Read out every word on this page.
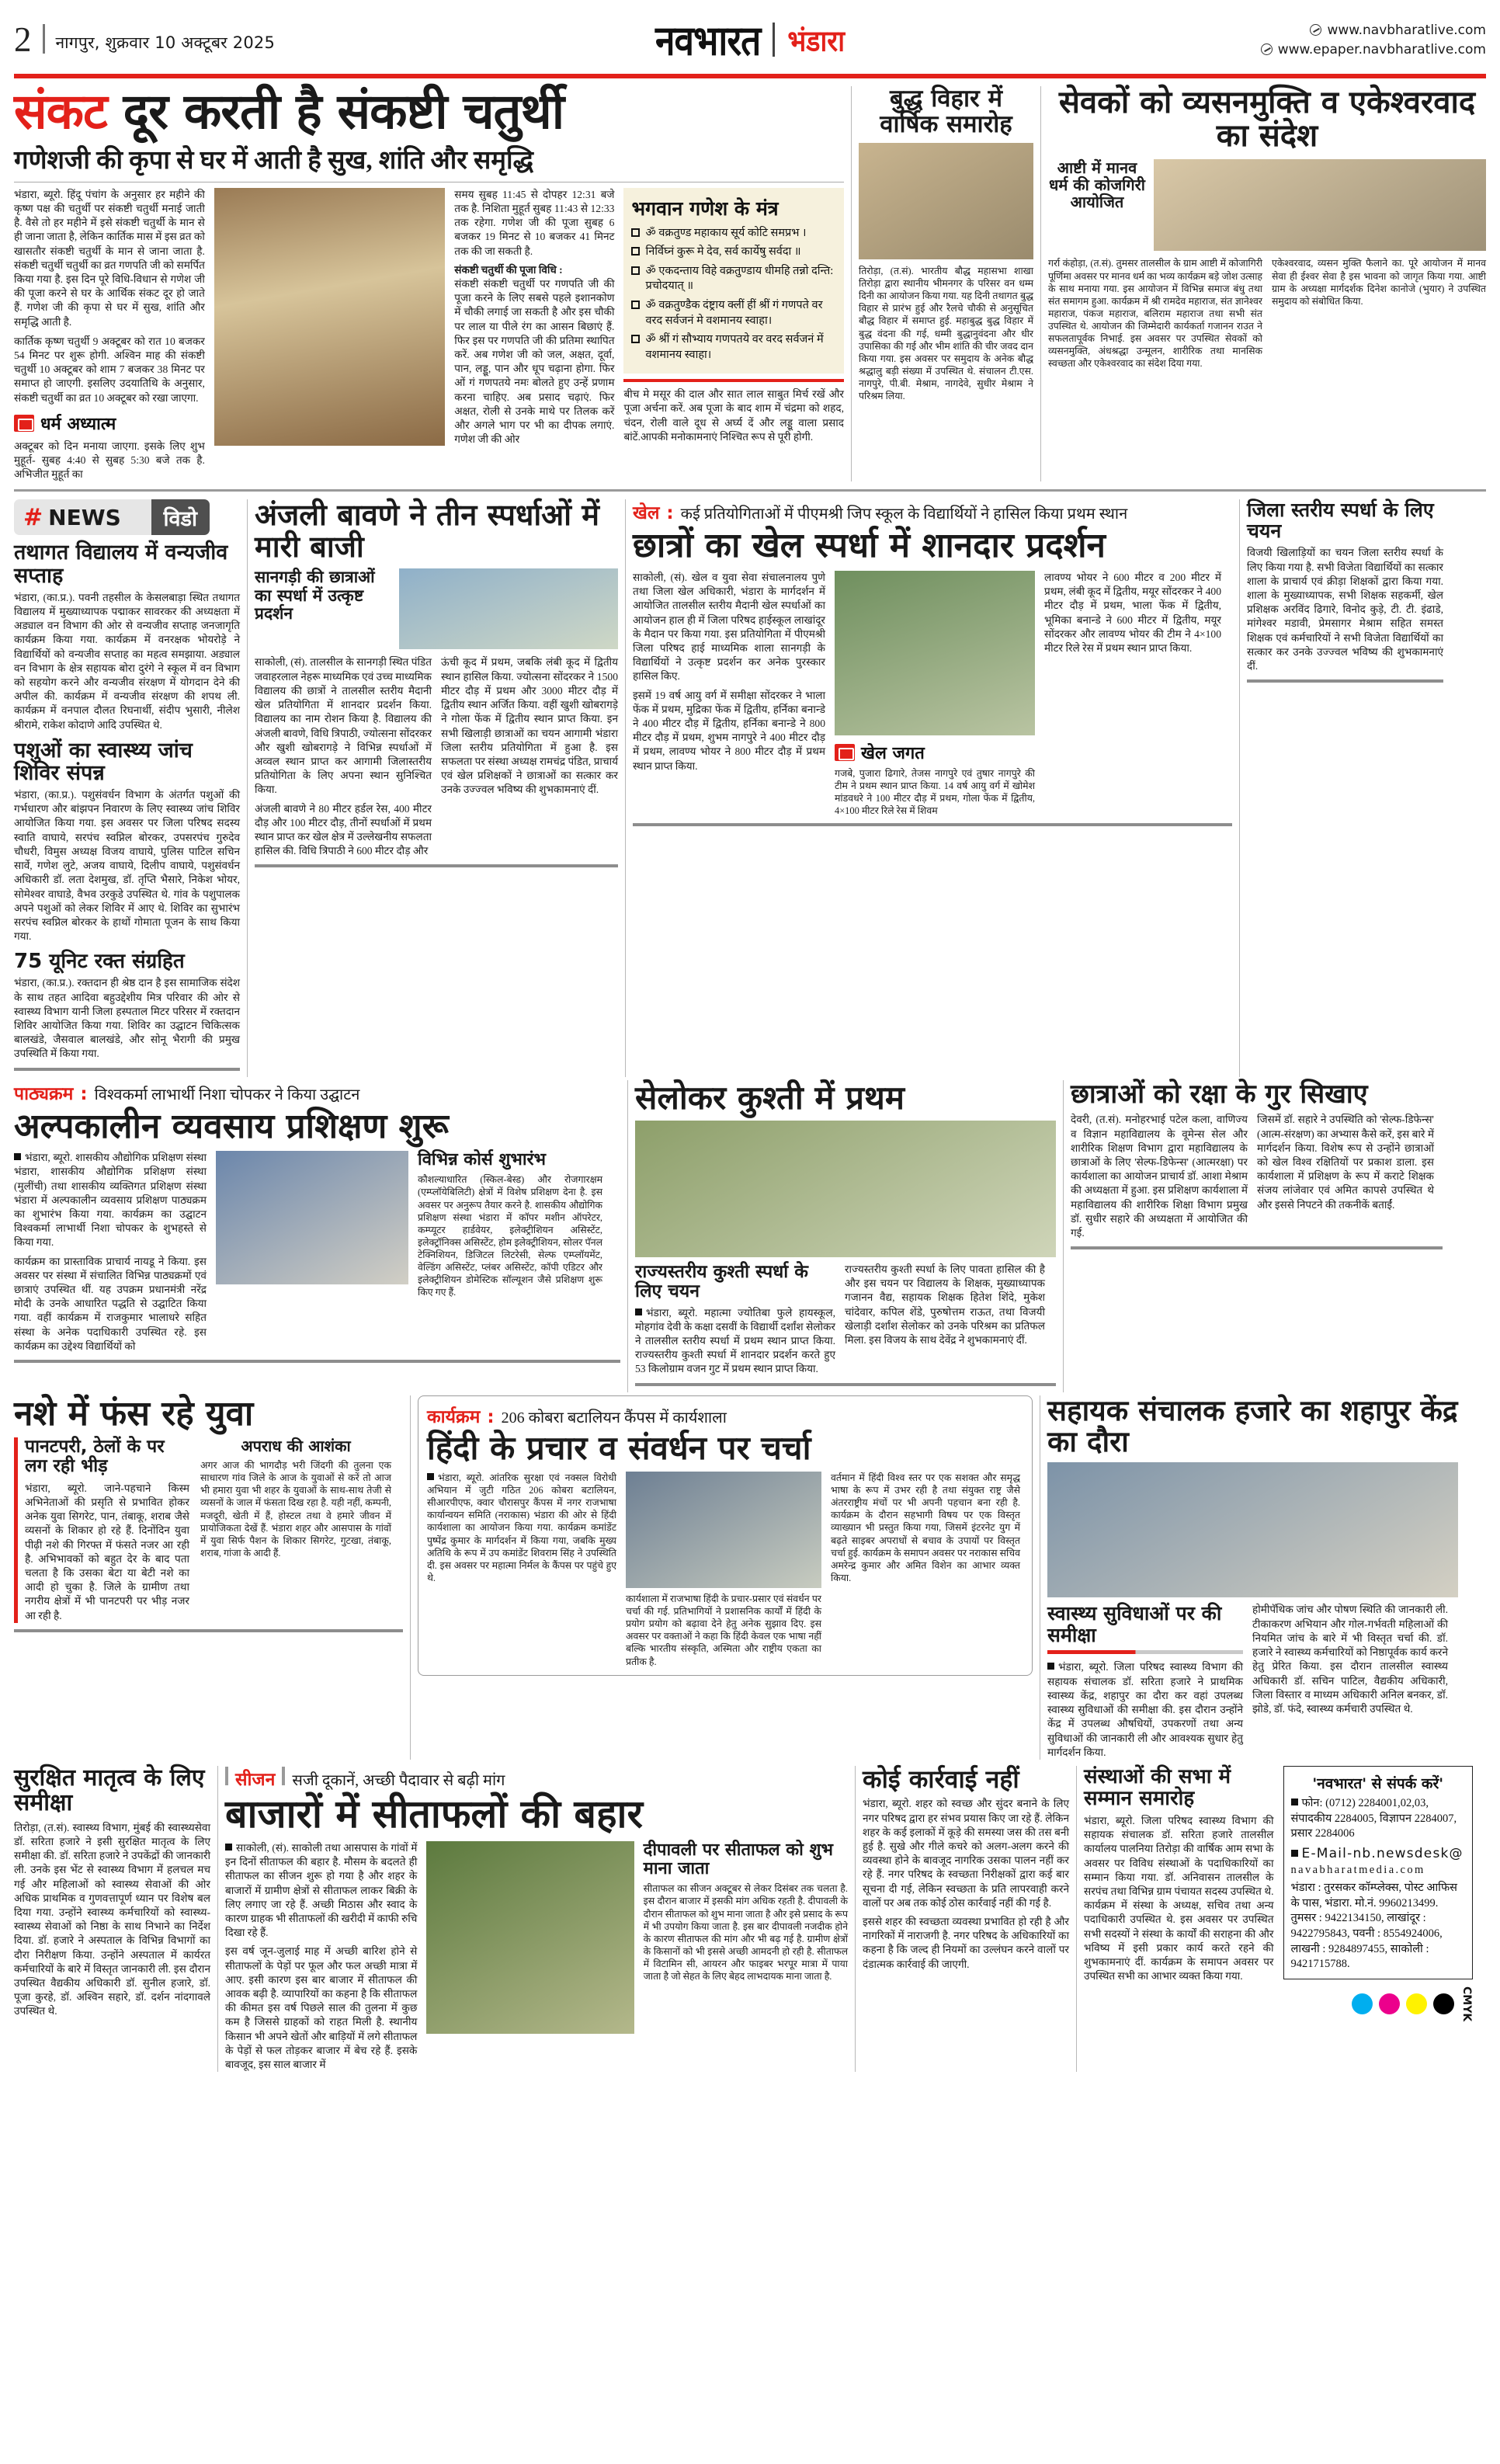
2 नागपुर, शुक्रवार 10 अक्टूबर 2025	नवभारत भंडारा	www.navbharatlive.com
www.epaper.navbharatlive.com
संकट दूर करती है संकष्टी चतुर्थी
गणेशजी की कृपा से घर में आती है सुख, शांति और समृद्धि

भंडारा, ब्यूरो. हिंदू पंचांग के अनुसार हर महीने की कृष्ण पक्ष की चतुर्थी पर संकष्टी चतुर्थी मनाई जाती है. वैसे तो हर महीने में इसे संकष्टी चतुर्थी के मान से ही जाना जाता है, लेकिन कार्तिक मास में इस व्रत को खासतौर संकष्टी चतुर्थी के मान से जाना जाता है. संकष्टी चतुर्थी चतुर्थी का व्रत गणपति जी को समर्पित किया गया है. इस दिन पूरे विधि-विधान से गणेश जी की पूजा करने से घर के आर्थिक संकट दूर हो जाते हैं. गणेश जी की कृपा से घर में सुख, शांति और समृद्धि आती है.

कार्तिक कृष्ण चतुर्थी 9 अक्टूबर को रात 10 बजकर 54 मिनट पर शुरू होगी. अश्विन माह की संकष्टी चतुर्थी 10 अक्टूबर को शाम 7 बजकर 38 मिनट पर समाप्त हो जाएगी. इसलिए उदयातिथि के अनुसार, संकष्टी चतुर्थी का व्रत 10 अक्टूबर को रखा जाएगा.

धर्म अध्यात्म

अक्टूबर को दिन मनाया जाएगा. इसके लिए शुभ मुहूर्त- सुबह 4:40 से सुबह 5:30 बजे तक है. अभिजीत मुहूर्त का

समय सुबह 11:45 से दोपहर 12:31 बजे तक है. निशिता मुहूर्त सुबह 11:43 से 12:33 तक रहेगा. गणेश जी की पूजा सुबह 6 बजकर 19 मिनट से 10 बजकर 41 मिनट तक की जा सकती है.

संकष्टी चतुर्थी की पूजा विधि :

संकष्टी संकष्टी चतुर्थी पर गणपति जी की पूजा करने के लिए सबसे पहले इशानकोण में चौकी लगाई जा सकती है और इस चौकी पर लाल या पीले रंग का आसन बिछाएं हैं. फिर इस पर गणपति जी की प्रतिमा स्थापित करें. अब गणेश जी को जल, अक्षत, दूर्वा, पान, लड्डू, पान और धूप चढ़ाना होगा. फिर ओं गं गणपतये नमः बोलते हुए उन्हें प्रणाम करना चाहिए. अब प्रसाद चढ़ाएं. फिर अक्षत, रोली से उनके माथे पर तिलक करें और अगले भाग पर भी का दीपक लगाएं. गणेश जी की ओर

भगवान गणेश के मंत्र
ॐ वक्रतुण्ड महाकाय सूर्य कोटि समप्रभ ।
निर्विघ्नं कुरू मे देव, सर्व कार्येषु सर्वदा ॥
ॐ एकदन्ताय विहे वक्रतुण्डाय धीमहि तन्नो दन्ति: प्रचोदयात् ॥
ॐ वक्रतुण्डैक दंष्ट्राय क्लीं हीं श्रीं गं गणपते वर वरद सर्वजनं मे वशमानय स्वाहा।
ॐ श्रीं गं सौभ्याय गणपतये वर वरद सर्वजनं में वशमानय स्वाहा।

बीच मे मसूर की दाल और सात लाल साबुत मिर्च रखें और पूजा अर्चना करें. अब पूजा के बाद शाम में चंद्रमा को शहद, चंदन, रोली वाले दूध से अर्घ्य दें और लड्डू वाला प्रसाद बांटें.आपकी मनोकामनाएं निश्चित रूप से पूरी होगी.

बुद्ध विहार में वार्षिक समारोह

तिरोड़ा, (त.सं). भारतीय बौद्ध महासभा शाखा तिरोड़ा द्वारा स्थानीय भीमनगर के परिसर वन धम्म दिनी का आयोजन किया गया. यह दिनी तथागत बुद्ध विहार से प्रारंभ हुई और रैलचे चौकी से अनुसूचित बौद्ध विहार में समाप्त हुई. महाबुद्ध बुद्ध विहार में बुद्ध वंदना की गई, धम्मी बुद्धानुवंदना और धीर उपासिका की गई और भीम शांति की चीर जवद दान किया गया. इस अवसर पर समुदाय के अनेक बौद्ध श्रद्धालु बड़ी संख्या में उपस्थित थे. संचालन टी.एस. नागपुरे, पी.बी. मेश्राम, नागदेवे, सुधीर मेश्राम ने परिश्रम लिया.

सेवकों को व्यसनमुक्ति व एकेश्वरवाद का संदेश
आष्टी में मानव धर्म की कोजगिरी आयोजित

गर्रा कंहोड़ा, (त.सं). तुमसर तालसील के ग्राम आष्टी में कोजागिरी पूर्णिमा अवसर पर मानव धर्म का भव्य कार्यक्रम बड़े जोश उत्साह के साथ मनाया गया. इस आयोजन में विभिन्न समाज बंधु तथा संत समागम हुआ. कार्यक्रम में श्री रामदेव महाराज, संत ज्ञानेश्वर महाराज, पंकज महाराज, बलिराम महाराज तथा सभी संत उपस्थित थे. आयोजन की जिम्मेदारी कार्यकर्ता गजानन राउत ने सफलतापूर्वक निभाई. इस अवसर पर उपस्थित सेवकों को व्यसनमुक्ति, अंधश्रद्धा उन्मूलन, शारीरिक तथा मानसिक स्वच्छता और एकेश्वरवाद का संदेश दिया गया.

एकेश्वरवाद, व्यसन मुक्ति फैलाने का. पूरे आयोजन में मानव सेवा ही ईश्वर सेवा है इस भावना को जागृत किया गया. आष्टी ग्राम के अध्यक्षा मार्गदर्शक दिनेश कानोजे (भुयार) ने उपस्थित समुदाय को संबोधित किया.

# NEWS	विडो
तथागत विद्यालय में वन्यजीव सप्ताह

भंडारा, (का.प्र.). पवनी तहसील के केसलबाड़ा स्थित तथागत विद्यालय में मुख्याध्यापक पद्माकर सावरकर की अध्यक्षता में अड्याल वन विभाग की ओर से वन्यजीव सप्ताह जनजागृति कार्यक्रम किया गया. कार्यक्रम में वनरक्षक भोयरोड़े ने विद्यार्थियों को वन्यजीव सप्ताह का महत्व समझाया. अड्याल वन विभाग के क्षेत्र सहायक बोरा दुरंगे ने स्कूल में वन विभाग को सहयोग करने और वन्यजीव संरक्षण में योगदान देने की अपील की. कार्यक्रम में वन्यजीव संरक्षण की शपथ ली. कार्यक्रम में वनपाल दौलत रिघनार्थी, संदीप भुसारी, नीलेश श्रीरामे, राकेश कोदाणे आदि उपस्थित थे.

पशुओं का स्वास्थ्य जांच शिविर संपन्न

भंडारा, (का.प्र.). पशुसंवर्धन विभाग के अंतर्गत पशुओं की गर्भधारण और बांझपन निवारण के लिए स्वास्थ्य जांच शिविर आयोजित किया गया. इस अवसर पर जिला परिषद सदस्य स्वाति वाघाये, सरपंच स्वप्निल बोरकर, उपसरपंच गुरुदेव चौधरी, विमुस अध्यक्ष विजय वाघाये, पुलिस पाटिल सचिन सार्वे, गणेश लुटे, अजय वाघाये, दिलीप वाघाये, पशुसंवर्धन अधिकारी डॉ. लता देशमुख, डॉ. तृप्ति भैसारे, निकेश भोयर, सोमेश्वर वाघाडे, वैभव उरकुडे उपस्थित थे. गांव के पशुपालक अपने पशुओं को लेकर शिविर में आए थे. शिविर का सुभारंभ सरपंच स्वप्निल बोरकर के हाथों गोमाता पूजन के साथ किया गया.

75 यूनिट रक्त संग्रहित

भंडारा, (का.प्र.). रक्तदान ही श्रेष्ठ दान है इस सामाजिक संदेश के साथ तहत आदिवा बहुउद्देशीय मित्र परिवार की ओर से स्वास्थ्य विभाग यानी जिला हस्पताल मिटर परिसर में रक्तदान शिविर आयोजित किया गया. शिविर का उद्घाटन चिकित्सक बालखंडे, जैसवाल बालखंडे, और सोनू भैरागी की प्रमुख उपस्थिति में किया गया.

अंजली बावणे ने तीन स्पर्धाओं में मारी बाजी
सानगड़ी की छात्राओं का स्पर्धा में उत्कृष्ट प्रदर्शन

साकोली, (सं). तालसील के सानगड़ी स्थित पंडित जवाहरलाल नेहरू माध्यमिक एवं उच्च माध्यमिक विद्यालय की छात्रों ने तालसील स्तरीय मैदानी खेल प्रतियोगिता में शानदार प्रदर्शन किया. विद्यालय का नाम रोशन किया है. विद्यालय की अंजली बावणे, विधि त्रिपाठी, ज्योत्सना सोंदरकर और खुशी खोबरागड़े ने विभिन्न स्पर्धाओं में अव्वल स्थान प्राप्त कर आगामी जिलास्तरीय प्रतियोगिता के लिए अपना स्थान सुनिश्चित किया.

अंजली बावणे ने 80 मीटर हर्डल रेस, 400 मीटर दौड़ और 100 मीटर दौड़, तीनों स्पर्धाओं में प्रथम स्थान प्राप्त कर खेल क्षेत्र में उल्लेखनीय सफलता हासिल की. विधि त्रिपाठी ने 600 मीटर दौड़ और

ऊंची कूद में प्रथम, जबकि लंबी कूद में द्वितीय स्थान हासिल किया. ज्योत्सना सोंदरकर ने 1500 मीटर दौड़ में प्रथम और 3000 मीटर दौड़ में द्वितीय स्थान अर्जित किया. वहीं खुशी खोबरागड़े ने गोला फेंक में द्वितीय स्थान प्राप्त किया. इन सभी खिलाड़ी छात्राओं का चयन आगामी भंडारा जिला स्तरीय प्रतियोगिता में हुआ है. इस सफलता पर संस्था अध्यक्ष रामचंद्र पंडित, प्राचार्य एवं खेल प्रशिक्षकों ने छात्राओं का सत्कार कर उनके उज्ज्वल भविष्य की शुभकामनाएं दीं.

खेल : कई प्रतियोगिताओं में पीएमश्री जिप स्कूल के विद्यार्थियों ने हासिल किया प्रथम स्थान
छात्रों का खेल स्पर्धा में शानदार प्रदर्शन

साकोली, (सं). खेल व युवा सेवा संचालनालय पुणे तथा जिला खेल अधिकारी, भंडारा के मार्गदर्शन में आयोजित तालसील स्तरीय मैदानी खेल स्पर्धाओं का आयोजन हाल ही में जिला परिषद हाईस्कूल लाखांदूर के मैदान पर किया गया. इस प्रतियोगिता में पीएमश्री जिला परिषद हाई माध्यमिक शाला सानगड़ी के विद्यार्थियों ने उत्कृष्ट प्रदर्शन कर अनेक पुरस्कार हासिल किए.

इसमें 19 वर्ष आयु वर्ग में समीक्षा सोंदरकर ने भाला फेंक में प्रथम, मुद्रिका फेंक में द्वितीय, हर्निका बनान्डे ने 400 मीटर दौड़ में द्वितीय, हर्निका बनान्डे ने 800 मीटर दौड़ में प्रथम, शुभम नागपुरे ने 400 मीटर दौड़ में प्रथम, लावण्य भोयर ने 800 मीटर दौड़ में प्रथम स्थान प्राप्त किया.

खेल जगत

गजबे, पुजारा ढिगारे, तेजस नागपुरे एवं तुषार नागपुरे की टीम ने प्रथम स्थान प्राप्त किया. 14 वर्ष आयु वर्ग में खोमेश मांडवधरे ने 100 मीटर दौड़ में प्रथम, गोला फेंक में द्वितीय, 4×100 मीटर रिले रेस में शिवम

लावण्य भोयर ने 600 मीटर व 200 मीटर में प्रथम, लंबी कूद में द्वितीय, मयूर सोंदरकर ने 400 मीटर दौड़ में प्रथम, भाला फेंक में द्वितीय, भूमिका बनान्डे ने 600 मीटर में द्वितीय, मयूर सोंदरकर और लावण्य भोयर की टीम ने 4×100 मीटर रिले रेस में प्रथम स्थान प्राप्त किया.

जिला स्तरीय स्पर्धा के लिए चयन

विजयी खिलाड़ियों का चयन जिला स्तरीय स्पर्धा के लिए किया गया है. सभी विजेता विद्यार्थियों का सत्कार शाला के प्राचार्य एवं क्रीड़ा शिक्षकों द्वारा किया गया. शाला के मुख्याध्यापक, सभी शिक्षक सहकर्मी, खेल प्रशिक्षक अरविंद ढिगारे, विनोद कुड़े, टी. टी. इंढाडे, मांगेश्वर मडावी, प्रेमसागर मेश्राम सहित समस्त शिक्षक एवं कर्मचारियों ने सभी विजेता विद्यार्थियों का सत्कार कर उनके उज्ज्वल भविष्य की शुभकामनाएं दीं.

पाठ्यक्रम : विश्वकर्मा लाभार्थी निशा चोपकर ने किया उद्घाटन
अल्पकालीन व्यवसाय प्रशिक्षण शुरू

भंडारा, ब्यूरो. शासकीय औद्योगिक प्रशिक्षण संस्था भंडारा, शासकीय औद्योगिक प्रशिक्षण संस्था (मुलींची) तथा शासकीय व्यक्तिगत प्रशिक्षण संस्था भंडारा में अल्पकालीन व्यवसाय प्रशिक्षण पाठ्यक्रम का शुभारंभ किया गया. कार्यक्रम का उद्घाटन विश्वकर्मा लाभार्थी निशा चोपकर के शुभहस्ते से किया गया.

कार्यक्रम का प्रास्ताविक प्राचार्य नायडू ने किया. इस अवसर पर संस्था में संचालित विभिन्न पाठ्यक्रमों एवं छात्राएं उपस्थित थीं. यह उपक्रम प्रधानमंत्री नरेंद्र मोदी के उनके आधारित पद्धति से उद्घाटित किया गया. वहीं कार्यक्रम में राजकुमार भालाधरे सहित संस्था के अनेक पदाधिकारी उपस्थित रहे. इस कार्यक्रम का उद्देश्य विद्यार्थियों को

विभिन्न कोर्स शुभारंभ

कौशल्याधारित (स्किल-बेस्ड) और रोजगारक्षम (एम्प्लॉयेबिलिटी) क्षेत्रों में विशेष प्रशिक्षण देना है. इस अवसर पर अनुरूप तैयार करने है. शासकीय औद्योगिक प्रशिक्षण संस्था भंडारा में कॉपर मशीन ऑपरेटर, कम्प्यूटर हार्डवेयर, इलेक्ट्रीशियन असिस्टेंट, इलेक्ट्रॉनिक्स असिस्टेंट, होम इलेक्ट्रीशियन, सोलर पॅनल टेक्निशियन, डिजिटल लिटरेसी, सेल्फ एम्प्लॉयमेंट, वेल्डिंग असिस्टेंट, प्लंबर असिस्टेंट, कॉपी एडिटर और इलेक्ट्रीशियन डोमेस्टिक सॉल्यूशन जैसे प्रशिक्षण शुरू किए गए हैं.

सेलोकर कुश्ती में प्रथम
राज्यस्तरीय कुश्ती स्पर्धा के लिए चयन

भंडारा, ब्यूरो. महात्मा ज्योतिबा फुले हायस्कूल, मोहगांव देवी के कक्षा दसवीं के विद्यार्थी दर्शांश सेलोकर ने तालसील स्तरीय स्पर्धा में प्रथम स्थान प्राप्त किया. राज्यस्तरीय कुश्ती स्पर्धा में शानदार प्रदर्शन करते हुए 53 किलोग्राम वजन गुट में प्रथम स्थान प्राप्त किया.

राज्यस्तरीय कुश्ती स्पर्धा के लिए पावता हासिल की है और इस चयन पर विद्यालय के शिक्षक, मुख्याध्यापक गजानन वैद्य, सहायक शिक्षक हितेश शिंदे, मुकेश चांदेवार, कपिल शेंडे, पुरुषोत्तम राऊत, तथा विजयी खेलाड़ी दर्शांश सेलोकर को उनके परिश्रम का प्रतिफल मिला. इस विजय के साथ देवेंद्र ने शुभकामनाएं दीं.

छात्राओं को रक्षा के गुर सिखाए

देवरी, (त.सं). मनोहरभाई पटेल कला, वाणिज्य व विज्ञान महाविद्यालय के वूमेन्स सेल और शारीरिक शिक्षण विभाग द्वारा महाविद्यालय के छात्राओं के लिए 'सेल्फ-डिफेन्स' (आत्मरक्षा) पर कार्यशाला का आयोजन प्राचार्य डॉ. आशा मेश्राम की अध्यक्षता में हुआ. इस प्रशिक्षण कार्यशाला में महाविद्यालय की शारीरिक शिक्षा विभाग प्रमुख डॉ. सुधीर सहारे की अध्यक्षता में आयोजित की गई.

जिसमें डॉ. सहारे ने उपस्थिति को 'सेल्फ-डिफेन्स' (आत्म-संरक्षण) का अभ्यास कैसे करें, इस बारे में मार्गदर्शन किया. विशेष रूप से उन्होंने छात्राओं को खेल विश्व रक्षितियों पर प्रकाश डाला. इस कार्यशाला में प्रशिक्षण के रूप में कराटे शिक्षक संजय लांजेवार एवं अमित कापसे उपस्थित थे और इससे निपटने की तकनीकें बताईं.

नशे में फंस रहे युवा
पानटपरी, ठेलों के पर लग रही भीड़

भंडारा, ब्यूरो. जाने-पहचाने किस्म अभिनेताओं की प्रसृति से प्रभावित होकर अनेक युवा सिगरेट, पान, तंबाकू, शराब जैसे व्यसनों के शिकार हो रहे हैं. दिनोंदिन युवा पीढ़ी नशे की गिरफ्त में फंसते नजर आ रही है. अभिभावकों को बहुत देर के बाद पता चलता है कि उसका बेटा या बेटी नशे का आदी हो चुका है. जिले के ग्रामीण तथा नगरीय क्षेत्रों में भी पानटपरी पर भीड़ नजर आ रही है.

अपराध की आशंका

अगर आज की भागदौड़ भरी जिंदगी की तुलना एक साधारण गांव जिले के आज के युवाओं से करें तो आज भी हमारा युवा भी शहर के युवाओं के साथ-साथ तेजी से व्यसनों के जाल में फंसता दिख रहा है. यही नहीं, कम्पनी, मजदूरी, खेती में हैं, होस्टल तथा वे हमारे जीवन में प्रायोजिकता देखें हैं. भंडारा शहर और आसपास के गांवों में युवा सिर्फ पैशन के शिकार सिगरेट, गुटखा, तंबाकू, शराब, गांजा के आदी हैं.

कार्यक्रम : 206 कोबरा बटालियन कैंपस में कार्यशाला
हिंदी के प्रचार व संवर्धन पर चर्चा

भंडारा, ब्यूरो. आंतरिक सुरक्षा एवं नक्सल विरोधी अभियान में जुटी गठित 206 कोबरा बटालियन, सीआरपीएफ, क्वार चौरासपुर कैंपस में नगर राजभाषा कार्यान्वयन समिति (नराकास) भंडारा की ओर से हिंदी कार्यशाला का आयोजन किया गया. कार्यक्रम कमांडेंट पुष्पेंद्र कुमार के मार्गदर्शन में किया गया, जबकि मुख्य अतिथि के रूप में उप कमांडेंट शिवराम सिंह ने उपस्थिति दी. इस अवसर पर महात्मा निर्मल के कैंपस पर पहुंचे हुए थे.

कार्यशाला में राजभाषा हिंदी के प्रचार-प्रसार एवं संवर्धन पर चर्चा की गई. प्रतिभागियों ने प्रशासनिक कार्यों में हिंदी के प्रयोग प्रयोग को बढ़ावा देने हेतु अनेक सुझाव दिए. इस अवसर पर वक्ताओं ने कहा कि हिंदी केवल एक भाषा नहीं बल्कि भारतीय संस्कृति, अस्मिता और राष्ट्रीय एकता का प्रतीक है.

वर्तमान में हिंदी विश्व स्तर पर एक सशक्त और समृद्ध भाषा के रूप में उभर रही है तथा संयुक्त राष्ट्र जैसे अंतरराष्ट्रीय मंचों पर भी अपनी पहचान बना रही है. कार्यक्रम के दौरान सहभागी विषय पर एक विस्तृत व्याख्यान भी प्रस्तुत किया गया, जिसमें इंटरनेट युग में बढ़ते साइबर अपराधों से बचाव के उपायों पर विस्तृत चर्चा हुई. कार्यक्रम के समापन अवसर पर नराकास सचिव अमरेन्द्र कुमार और अमित विशेन का आभार व्यक्त किया.

सहायक संचालक हजारे का शहापुर केंद्र का दौरा
स्वास्थ्य सुविधाओं पर की समीक्षा

भंडारा, ब्यूरो. जिला परिषद स्वास्थ्य विभाग की सहायक संचालक डॉ. सरिता हजारे ने प्राथमिक स्वास्थ्य केंद्र, शहापुर का दौरा कर वहां उपलब्ध स्वास्थ्य सुविधाओं की समीक्षा की. इस दौरान उन्होंने केंद्र में उपलब्ध औषधियों, उपकरणों तथा अन्य सुविधाओं की जानकारी ली और आवश्यक सुधार हेतु मार्गदर्शन किया.

होमीपॅथिक जांच और पोषण स्थिति की जानकारी ली. टीकाकरण अभियान और गोल-गर्भवती महिलाओं की नियमित जांच के बारे में भी विस्तृत चर्चा की. डॉ. हजारे ने स्वास्थ्य कर्मचारियों को निष्ठापूर्वक कार्य करने हेतु प्रेरित किया. इस दौरान तालसील स्वास्थ्य अधिकारी डॉ. सचिन पाटिल, वैद्यकीय अधिकारी, जिला विस्तार व माध्यम अधिकारी अनिल बनकर, डॉ. झोडे, डॉ. फंदे, स्वास्थ्य कर्मचारी उपस्थित थे.

सुरक्षित मातृत्व के लिए समीक्षा

तिरोड़ा, (त.सं). स्वास्थ्य विभाग, मुंबई की स्वास्थ्यसेवा डॉ. सरिता हजारे ने इसी सुरक्षित मातृत्व के लिए समीक्षा की. डॉ. सरिता हजारे ने उपकेंद्रों की जानकारी ली. उनके इस भेंट से स्वास्थ्य विभाग में हलचल मच गई और महिलाओं को स्वास्थ्य सेवाओं की ओर अधिक प्राथमिक व गुणवत्तापूर्ण ध्यान पर विशेष बल दिया गया. उन्होंने स्वास्थ्य कर्मचारियों को स्वास्थ्य-स्वास्थ्य सेवाओं को निष्ठा के साथ निभाने का निर्देश दिया. डॉ. हजारे ने अस्पताल के विभिन्न विभागों का दौरा निरीक्षण किया. उन्होंने अस्पताल में कार्यरत कर्मचारियों के बारे में विस्तृत जानकारी ली. इस दौरान उपस्थित वैद्यकीय अधिकारी डॉ. सुनील हजारे, डॉ. पूजा कुरहे, डॉ. अश्विन सहारे, डॉ. दर्शन नांदगावले उपस्थित थे.

सीजन सजी दूकानें, अच्छी पैदावार से बढ़ी मांग
बाजारों में सीताफलों की बहार

साकोली, (सं). साकोली तथा आसपास के गांवों में इन दिनों सीताफल की बहार है. मौसम के बदलते ही सीताफल का सीजन शुरू हो गया है और शहर के बाजारों में ग्रामीण क्षेत्रों से सीताफल लाकर बिक्री के लिए लगाए जा रहे हैं. अच्छी मिठास और स्वाद के कारण ग्राहक भी सीताफलों की खरीदी में काफी रुचि दिखा रहे हैं.

इस वर्ष जून-जुलाई माह में अच्छी बारिश होने से सीताफलों के पेड़ों पर फूल और फल अच्छी मात्रा में आए. इसी कारण इस बार बाजार में सीताफल की आवक बढ़ी है. व्यापारियों का कहना है कि सीताफल की कीमत इस वर्ष पिछले साल की तुलना में कुछ कम है जिससे ग्राहकों को राहत मिली है. स्थानीय किसान भी अपने खेतों और बाड़ियों में लगे सीताफल के पेड़ों से फल तोड़कर बाजार में बेच रहे हैं. इसके बावजूद, इस साल बाजार में

दीपावली पर सीताफल को शुभ माना जाता

सीताफल का सीजन अक्टूबर से लेकर दिसंबर तक चलता है. इस दौरान बाजार में इसकी मांग अधिक रहती है. दीपावली के दौरान सीताफल को शुभ माना जाता है और इसे प्रसाद के रूप में भी उपयोग किया जाता है. इस बार दीपावली नजदीक होने के कारण सीताफल की मांग और भी बढ़ गई है. ग्रामीण क्षेत्रों के किसानों को भी इससे अच्छी आमदनी हो रही है. सीताफल में विटामिन सी, आयरन और फाइबर भरपूर मात्रा में पाया जाता है जो सेहत के लिए बेहद लाभदायक माना जाता है.

कोई कार्रवाई नहीं

भंडारा, ब्यूरो. शहर को स्वच्छ और सुंदर बनाने के लिए नगर परिषद द्वारा हर संभव प्रयास किए जा रहे हैं. लेकिन शहर के कई इलाकों में कूड़े की समस्या जस की तस बनी हुई है. सुखे और गीले कचरे को अलग-अलग करने की व्यवस्था होने के बावजूद नागरिक उसका पालन नहीं कर रहे हैं. नगर परिषद के स्वच्छता निरीक्षकों द्वारा कई बार सूचना दी गई, लेकिन स्वच्छता के प्रति लापरवाही करने वालों पर अब तक कोई ठोस कार्रवाई नहीं की गई है.

इससे शहर की स्वच्छता व्यवस्था प्रभावित हो रही है और नागरिकों में नाराजगी है. नगर परिषद के अधिकारियों का कहना है कि जल्द ही नियमों का उल्लंघन करने वालों पर दंडात्मक कार्रवाई की जाएगी.

संस्थाओं की सभा में सम्मान समारोह

भंडारा, ब्यूरो. जिला परिषद स्वास्थ्य विभाग की सहायक संचालक डॉ. सरिता हजारे तालसील कार्यालय पालनिया तिरोड़ा की वार्षिक आम सभा के अवसर पर विविध संस्थाओं के पदाधिकारियों का सम्मान किया गया. डॉ. अनिवासन तालसील के सरपंच तथा विभिन्न ग्राम पंचायत सदस्य उपस्थित थे. कार्यक्रम में संस्था के अध्यक्ष, सचिव तथा अन्य पदाधिकारी उपस्थित थे. इस अवसर पर उपस्थित सभी सदस्यों ने संस्था के कार्यों की सराहना की और भविष्य में इसी प्रकार कार्य करते रहने की शुभकामनाएं दीं. कार्यक्रम के समापन अवसर पर उपस्थित सभी का आभार व्यक्त किया गया.

'नवभारत' से संपर्क करें'

फोन: (0712) 2284001,02,03, संपादकीय 2284005, विज्ञापन 2284007, प्रसार 2284006

E-Mail-nb.newsdesk@

navabharatmedia.com

भंडारा : तुरसकर कॉम्प्लेक्स, पोस्ट आफिस के पास, भंडारा. मो.नं. 9960213499.

तुमसर : 9422134150, लाखांदूर : 9422795843, पवनी : 8554924006, लाखनी : 9284897455, साकोली : 9421715788.

CMYK
